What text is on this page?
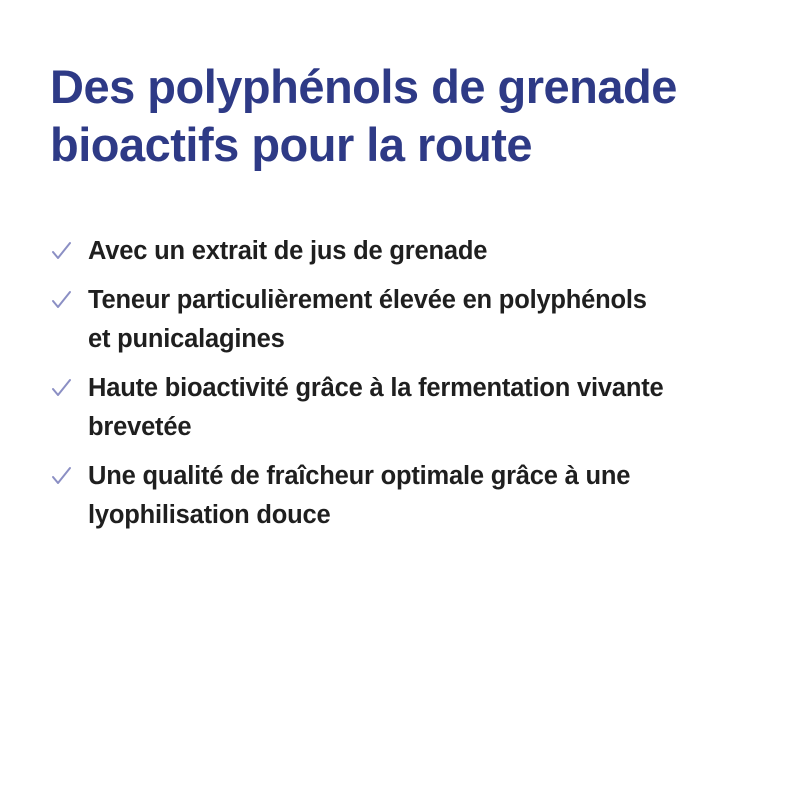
Des polyphénols de grenade
bioactifs pour la route
Avec un extrait de jus de grenade
Teneur particulièrement élevée en polyphénols
et punicalagines
Haute bioactivité grâce à la fermentation vivante
brevetée
Une qualité de fraîcheur optimale grâce à une
lyophilisation douce
